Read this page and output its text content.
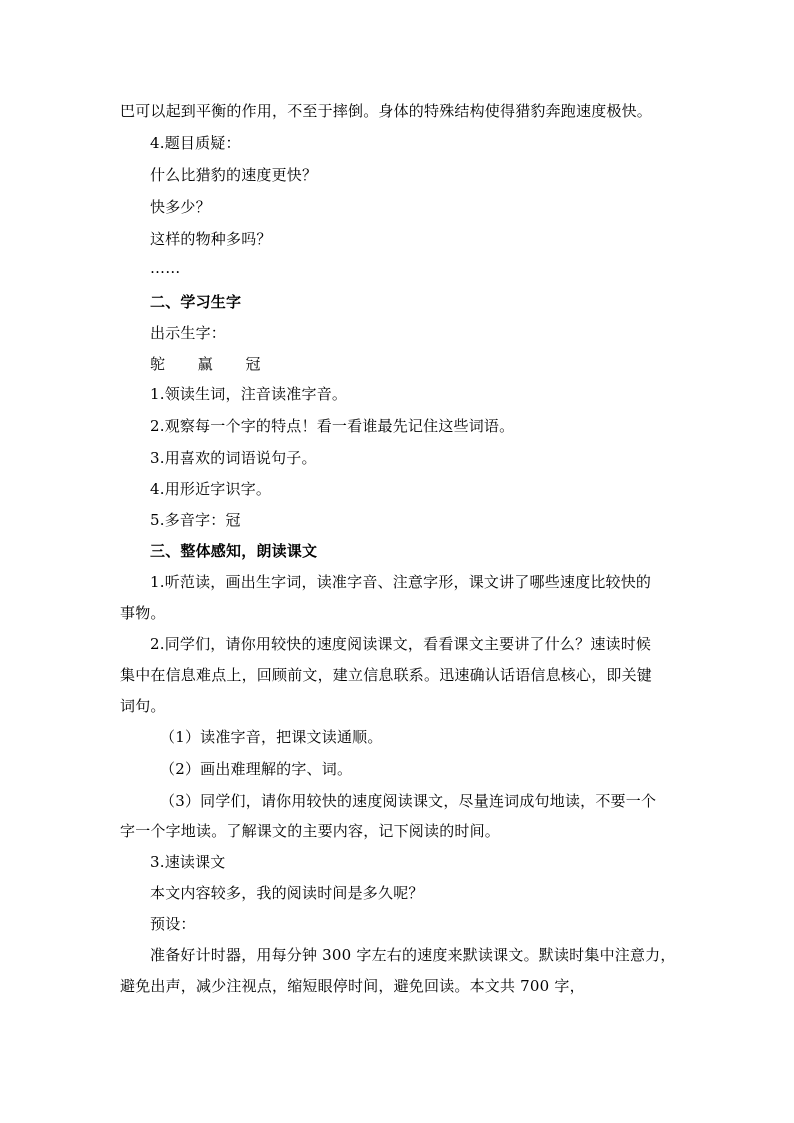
巴可以起到平衡的作用，不至于摔倒。身体的特殊结构使得猎豹奔跑速度极快。
4.题目质疑：
什么比猎豹的速度更快？
快多少？
这样的物种多吗？
……
二、学习生字
出示生字：
鸵 赢 冠
1.领读生词，注音读准字音。
2.观察每一个字的特点！看一看谁最先记住这些词语。
3.用喜欢的词语说句子。
4.用形近字识字。
5.多音字：冠
三、整体感知，朗读课文
1.听范读，画出生字词，读准字音、注意字形，课文讲了哪些速度比较快的
事物。
2.同学们，请你用较快的速度阅读课文，看看课文主要讲了什么？速读时候
集中在信息难点上，回顾前文，建立信息联系。迅速确认话语信息核心，即关键
词句。
（1）读准字音，把课文读通顺。
（2）画出难理解的字、词。
（3）同学们，请你用较快的速度阅读课文，尽量连词成句地读，不要一个
字一个字地读。了解课文的主要内容，记下阅读的时间。
3.速读课文
本文内容较多，我的阅读时间是多久呢？
预设：
准备好计时器，用每分钟 300 字左右的速度来默读课文。默读时集中注意力，
避免出声，减少注视点，缩短眼停时间，避免回读。本文共 700 字，
